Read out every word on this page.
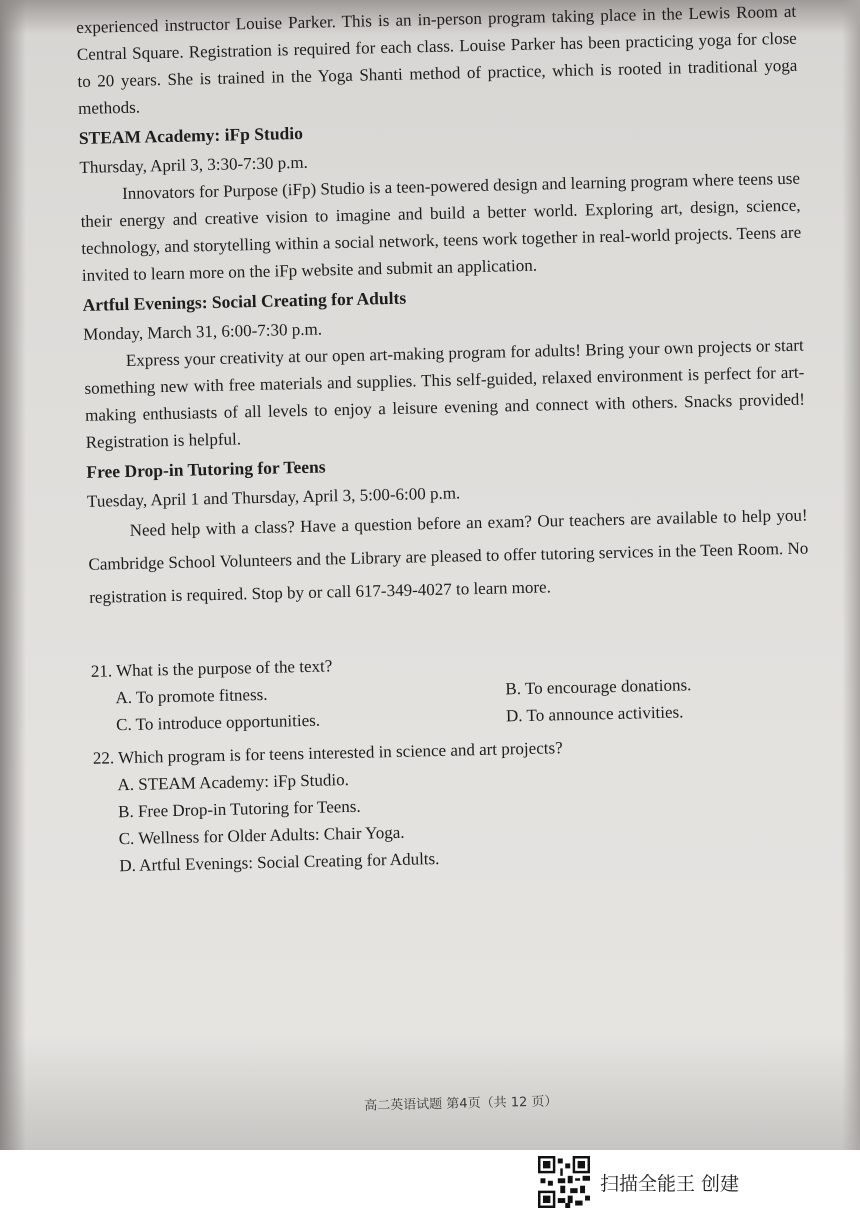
experienced instructor Louise Parker. This is an in-person program taking place in the Lewis Room at Central Square. Registration is required for each class. Louise Parker has been practicing yoga for close to 20 years. She is trained in the Yoga Shanti method of practice, which is rooted in traditional yoga methods.

STEAM Academy: iFp Studio

Thursday, April 3, 3:30-7:30 p.m.

Innovators for Purpose (iFp) Studio is a teen-powered design and learning program where teens use their energy and creative vision to imagine and build a better world. Exploring art, design, science, technology, and storytelling within a social network, teens work together in real-world projects. Teens are invited to learn more on the iFp website and submit an application.

Artful Evenings: Social Creating for Adults

Monday, March 31, 6:00-7:30 p.m.

Express your creativity at our open art-making program for adults! Bring your own projects or start something new with free materials and supplies. This self-guided, relaxed environment is perfect for art-making enthusiasts of all levels to enjoy a leisure evening and connect with others. Snacks provided! Registration is helpful.

Free Drop-in Tutoring for Teens

Tuesday, April 1 and Thursday, April 3, 5:00-6:00 p.m.

Need help with a class? Have a question before an exam? Our teachers are available to help you! Cambridge School Volunteers and the Library are pleased to offer tutoring services in the Teen Room. No registration is required. Stop by or call 617-349-4027 to learn more.

21. What is the purpose of the text?

A. To promote fitness.	B. To encourage donations.
C. To introduce opportunities.	D. To announce activities.

22. Which program is for teens interested in science and art projects?

A. STEAM Academy: iFp Studio.

B. Free Drop-in Tutoring for Teens.

C. Wellness for Older Adults: Chair Yoga.

D. Artful Evenings: Social Creating for Adults.

高二英语试题 第4页（共 12 页）
扫描全能王 创建
